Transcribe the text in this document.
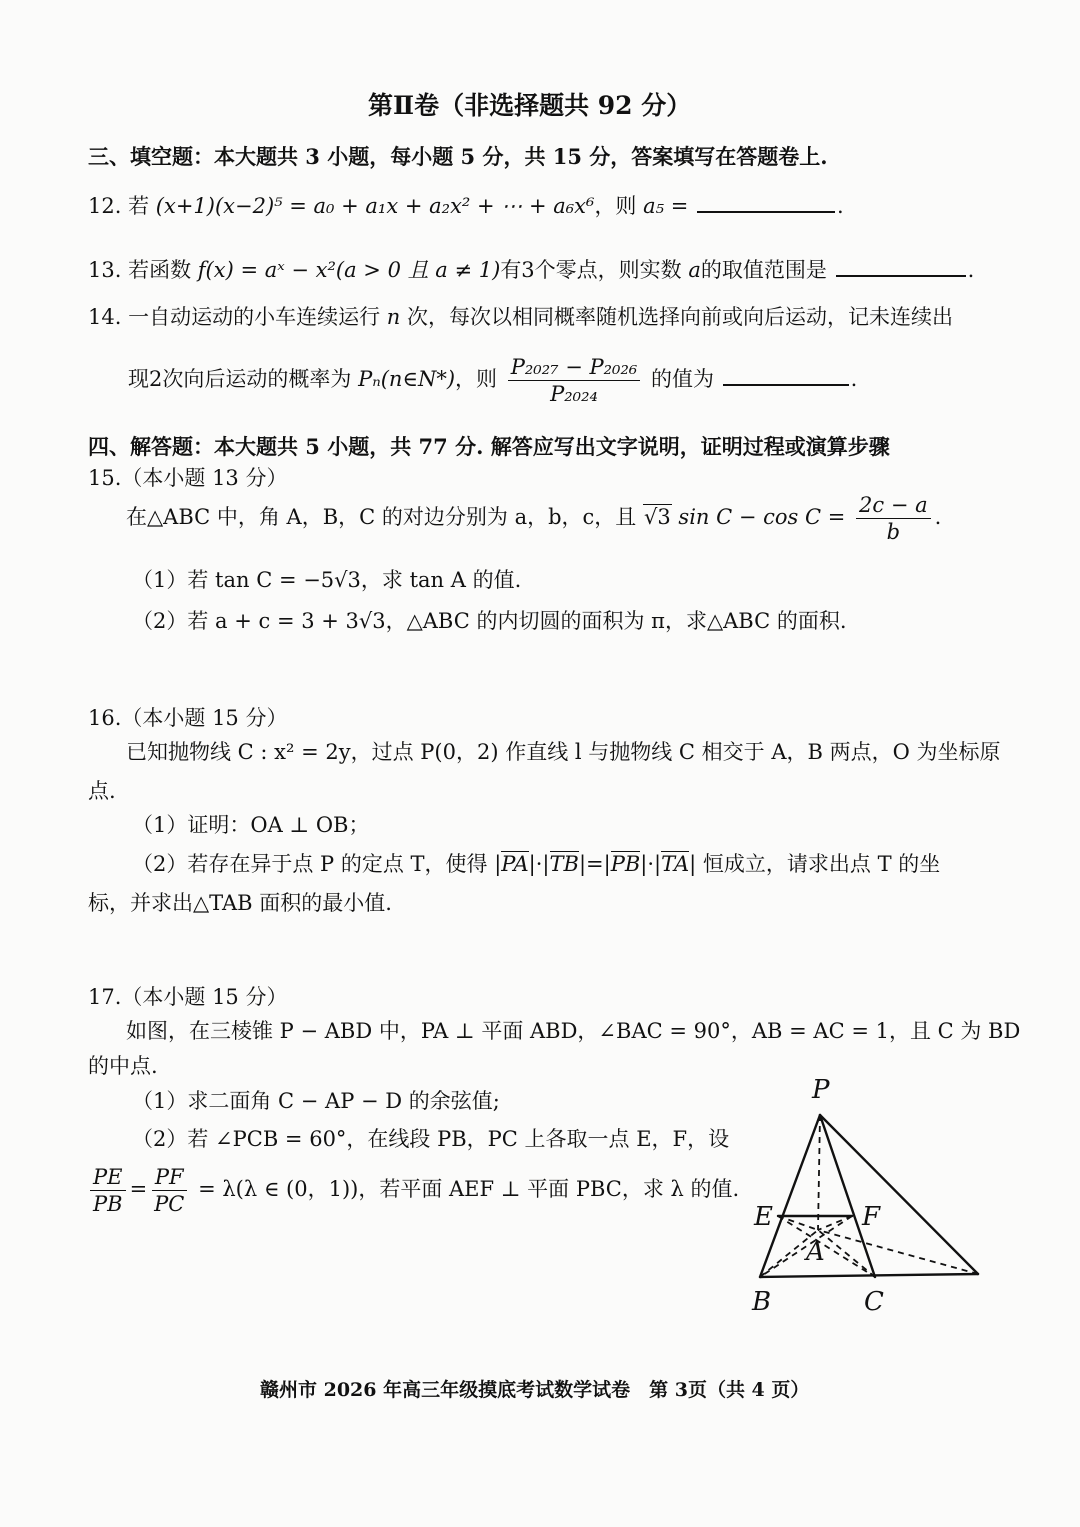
第Ⅱ卷（非选择题共 92 分）
三、填空题：本大题共 3 小题，每小题 5 分，共 15 分，答案填写在答题卷上.
12. 若 (x+1)(x−2)⁵ = a₀ + a₁x + a₂x² + ⋯ + a₆x⁶，则 a₅ =	.
13. 若函数 f(x) = aˣ − x²(a > 0 且 a ≠ 1)有3个零点，则实数 a的取值范围是	.
14. 一自动运动的小车连续运行 n 次，每次以相同概率随机选择向前或向后运动，记未连续出
现2次向后运动的概率为 Pₙ(n∈N*)，则 $\frac{\text{P₂₀₂₇ − P₂₀₂₆}}{\text{P₂₀₂₄}}$ 的值为	.
四、解答题：本大题共 5 小题，共 77 分. 解答应写出文字说明，证明过程或演算步骤
15.（本小题 13 分）
在△ABC 中，角 A，B，C 的对边分别为 a，b，c，且 √3 $\sin C - \cos C = \frac{2c - a}{b}$ .
（1）若 tan C = −5√3，求 tan A 的值.
（2）若 a + c = 3 + 3√3，△ABC 的内切圆的面积为 π，求△ABC 的面积.
16.（本小题 15 分）
已知抛物线 C : x² = 2y，过点 P(0，2) 作直线 l 与抛物线 C 相交于 A，B 两点，O 为坐标原
点.
（1）证明：OA ⊥ OB；
（2）若存在异于点 P 的定点 T，使得 |PA|·|TB|=|PB|·|TA| 恒成立，请求出点 T 的坐
标，并求出△TAB 面积的最小值.
17.（本小题 15 分）
如图，在三棱锥 P − ABD 中，PA ⊥ 平面 ABD，∠BAC = 90°，AB = AC = 1，且 C 为 BD
的中点.
（1）求二面角 C − AP − D 的余弦值;
（2）若 ∠PCB = 60°，在线段 PB，PC 上各取一点 E，F，设
$\frac{PE}{PB} = \frac{PF}{PC} = \lambda(\lambda$ ∈ (0，1))，若平面 AEF ⊥ 平面 PBC，求 λ 的值.
P
E	F
A
B	C
赣州市 2026 年高三年级摸底考试数学试卷　第 3页（共 4 页）
